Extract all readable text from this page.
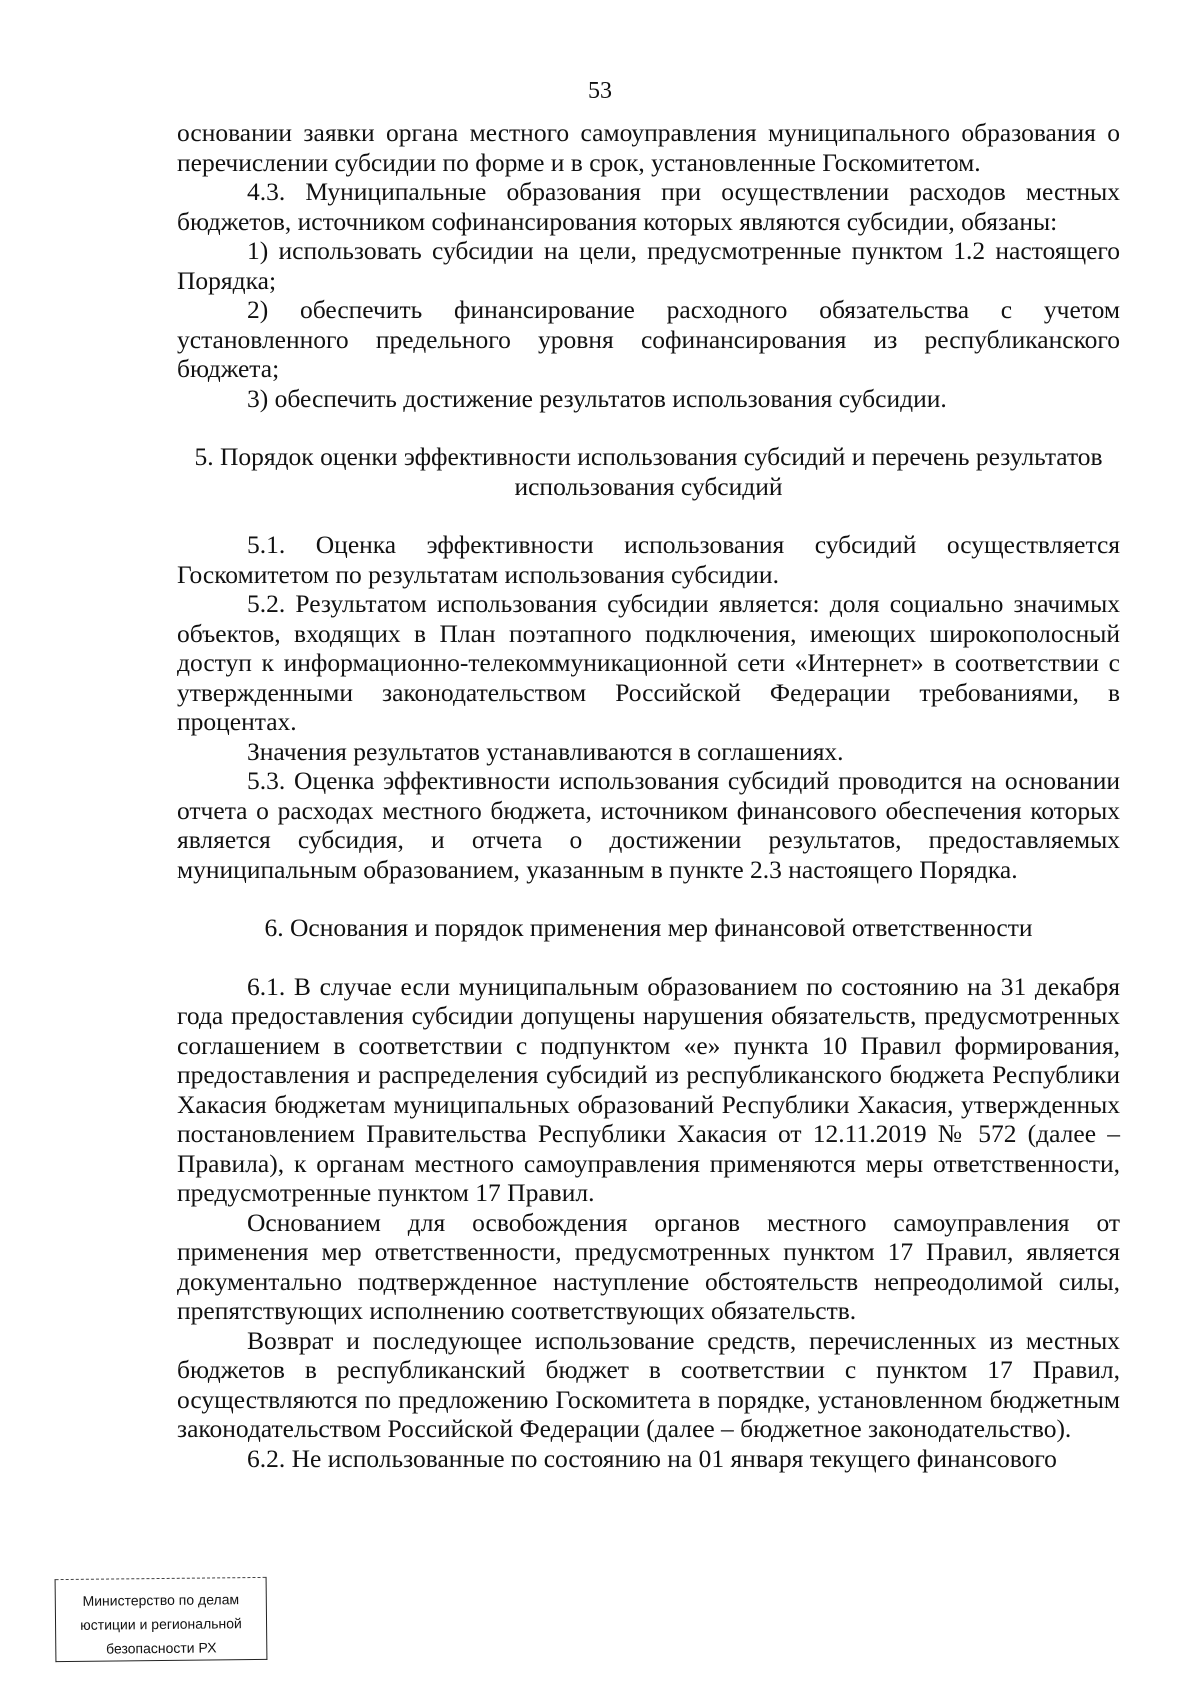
53

основании заявки органа местного самоуправления муниципального образования о перечислении субсидии по форме и в срок, установленные Госкомитетом.

4.3. Муниципальные образования при осуществлении расходов местных бюджетов, источником софинансирования которых являются субсидии, обязаны:

1) использовать субсидии на цели, предусмотренные пунктом 1.2 настоящего Порядка;

2) обеспечить финансирование расходного обязательства с учетом установленного предельного уровня софинансирования из республиканского бюджета;

3) обеспечить достижение результатов использования субсидии.

5. Порядок оценки эффективности использования субсидий и перечень результатов использования субсидий

5.1. Оценка эффективности использования субсидий осуществляется Госкомитетом по результатам использования субсидии.

5.2. Результатом использования субсидии является: доля социально значимых объектов, входящих в План поэтапного подключения, имеющих широкополосный доступ к информационно-телекоммуникационной сети «Интернет» в соответствии с утвержденными законодательством Российской Федерации требованиями, в процентах.

Значения результатов устанавливаются в соглашениях.

5.3. Оценка эффективности использования субсидий проводится на основании отчета о расходах местного бюджета, источником финансового обеспечения которых является субсидия, и отчета о достижении результатов, предоставляемых муниципальным образованием, указанным в пункте 2.3 настоящего Порядка.

6. Основания и порядок применения мер финансовой ответственности

6.1. В случае если муниципальным образованием по состоянию на 31 декабря года предоставления субсидии допущены нарушения обязательств, предусмотренных соглашением в соответствии с подпунктом «е» пункта 10 Правил формирования, предоставления и распределения субсидий из республиканского бюджета Республики Хакасия бюджетам муниципальных образований Республики Хакасия, утвержденных постановлением Правительства Республики Хакасия от 12.11.2019 № 572 (далее – Правила), к органам местного самоуправления применяются меры ответственности, предусмотренные пунктом 17 Правил.

Основанием для освобождения органов местного самоуправления от применения мер ответственности, предусмотренных пунктом 17 Правил, является документально подтвержденное наступление обстоятельств непреодолимой силы, препятствующих исполнению соответствующих обязательств.

Возврат и последующее использование средств, перечисленных из местных бюджетов в республиканский бюджет в соответствии с пунктом 17 Правил, осуществляются по предложению Госкомитета в порядке, установленном бюджетным законодательством Российской Федерации (далее – бюджетное законодательство).

6.2. Не использованные по состоянию на 01 января текущего финансового

Министерство по делам
юстиции и региональной
безопасности РХ
